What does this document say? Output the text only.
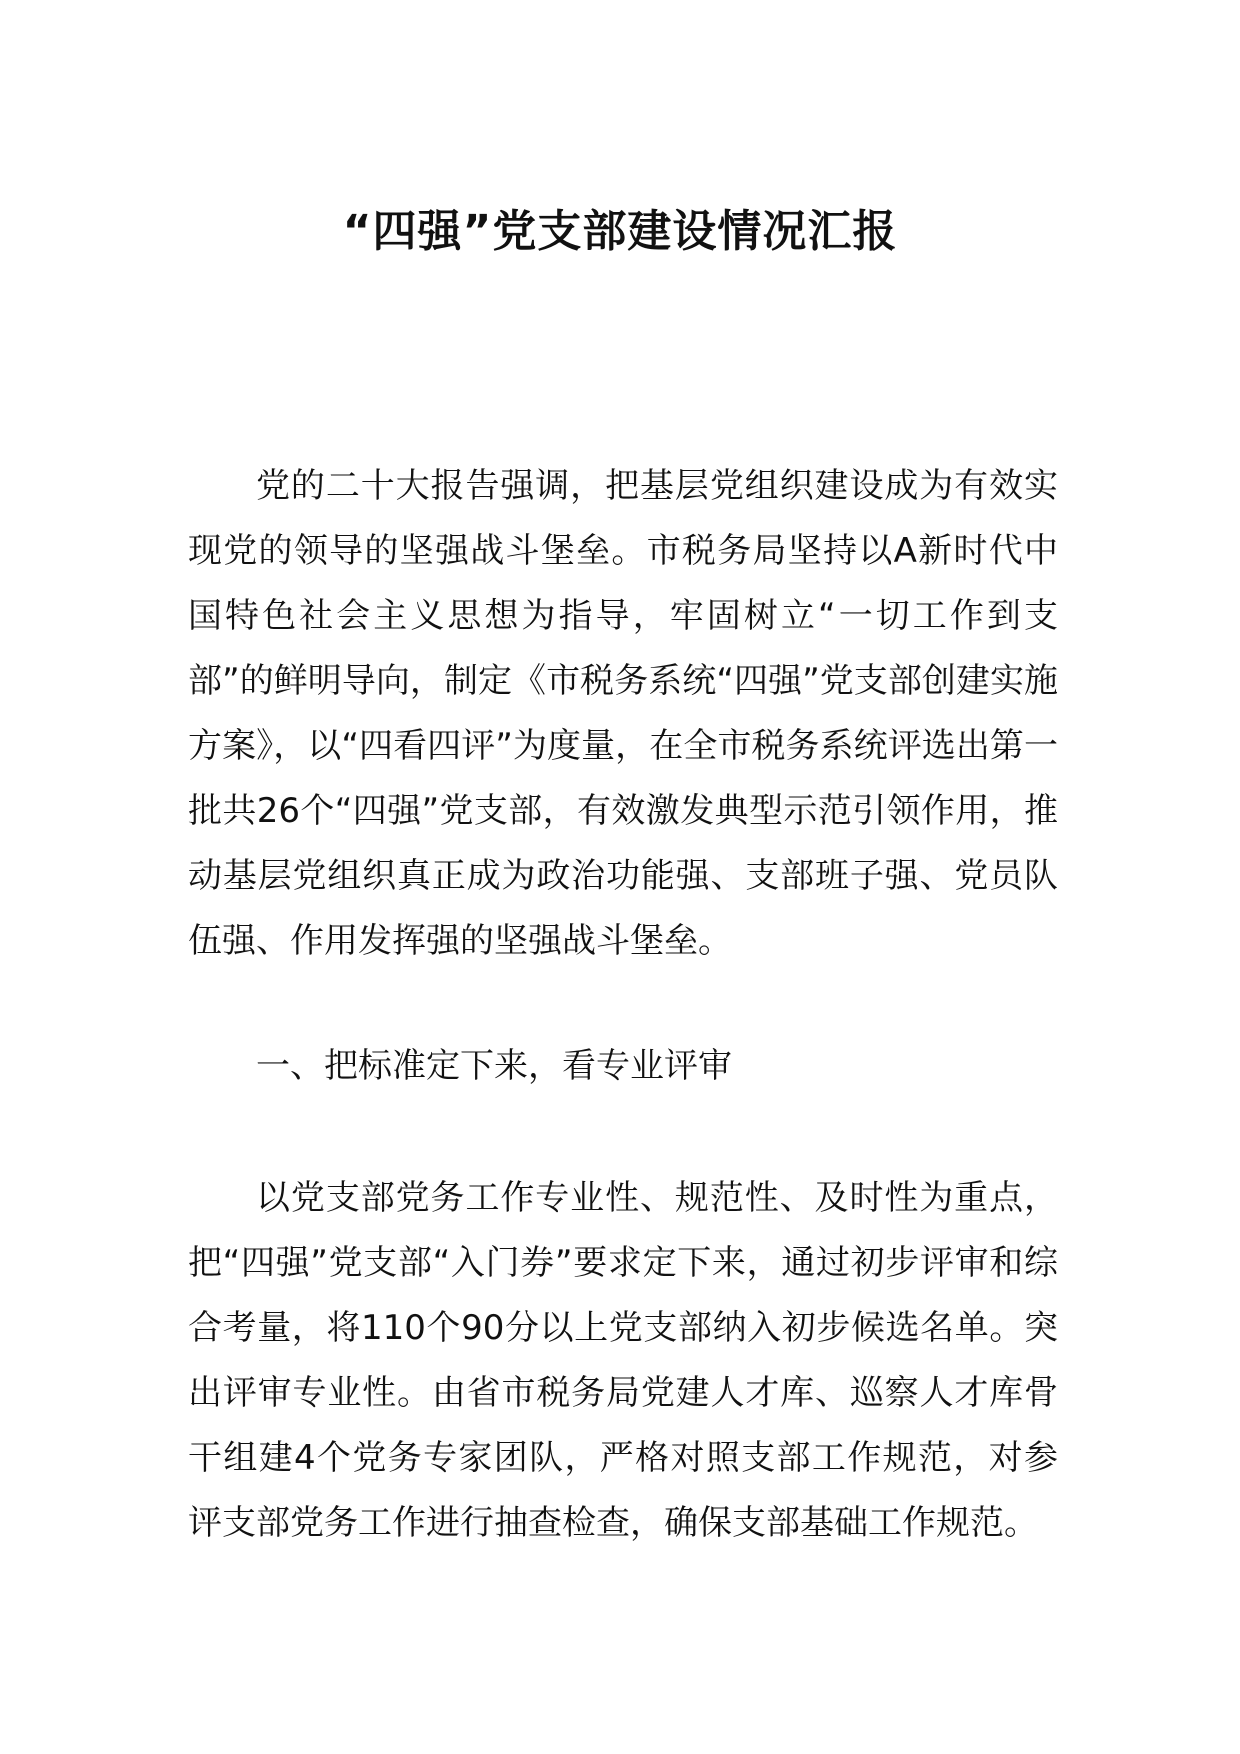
“四强”党支部建设情况汇报

党的二十大报告强调，把基层党组织建设成为有效实现党的领导的坚强战斗堡垒。市税务局坚持以A新时代中国特色社会主义思想为指导，牢固树立“一切工作到支部”的鲜明导向，制定《市税务系统“四强”党支部创建实施方案》，以“四看四评”为度量，在全市税务系统评选出第一批共26个“四强”党支部，有效激发典型示范引领作用，推动基层党组织真正成为政治功能强、支部班子强、党员队伍强、作用发挥强的坚强战斗堡垒。

一、把标准定下来，看专业评审

以党支部党务工作专业性、规范性、及时性为重点，把“四强”党支部“入门券”要求定下来，通过初步评审和综合考量，将110个90分以上党支部纳入初步候选名单。突出评审专业性。由省市税务局党建人才库、巡察人才库骨干组建4个党务专家团队，严格对照支部工作规范，对参评支部党务工作进行抽查检查，确保支部基础工作规范。
